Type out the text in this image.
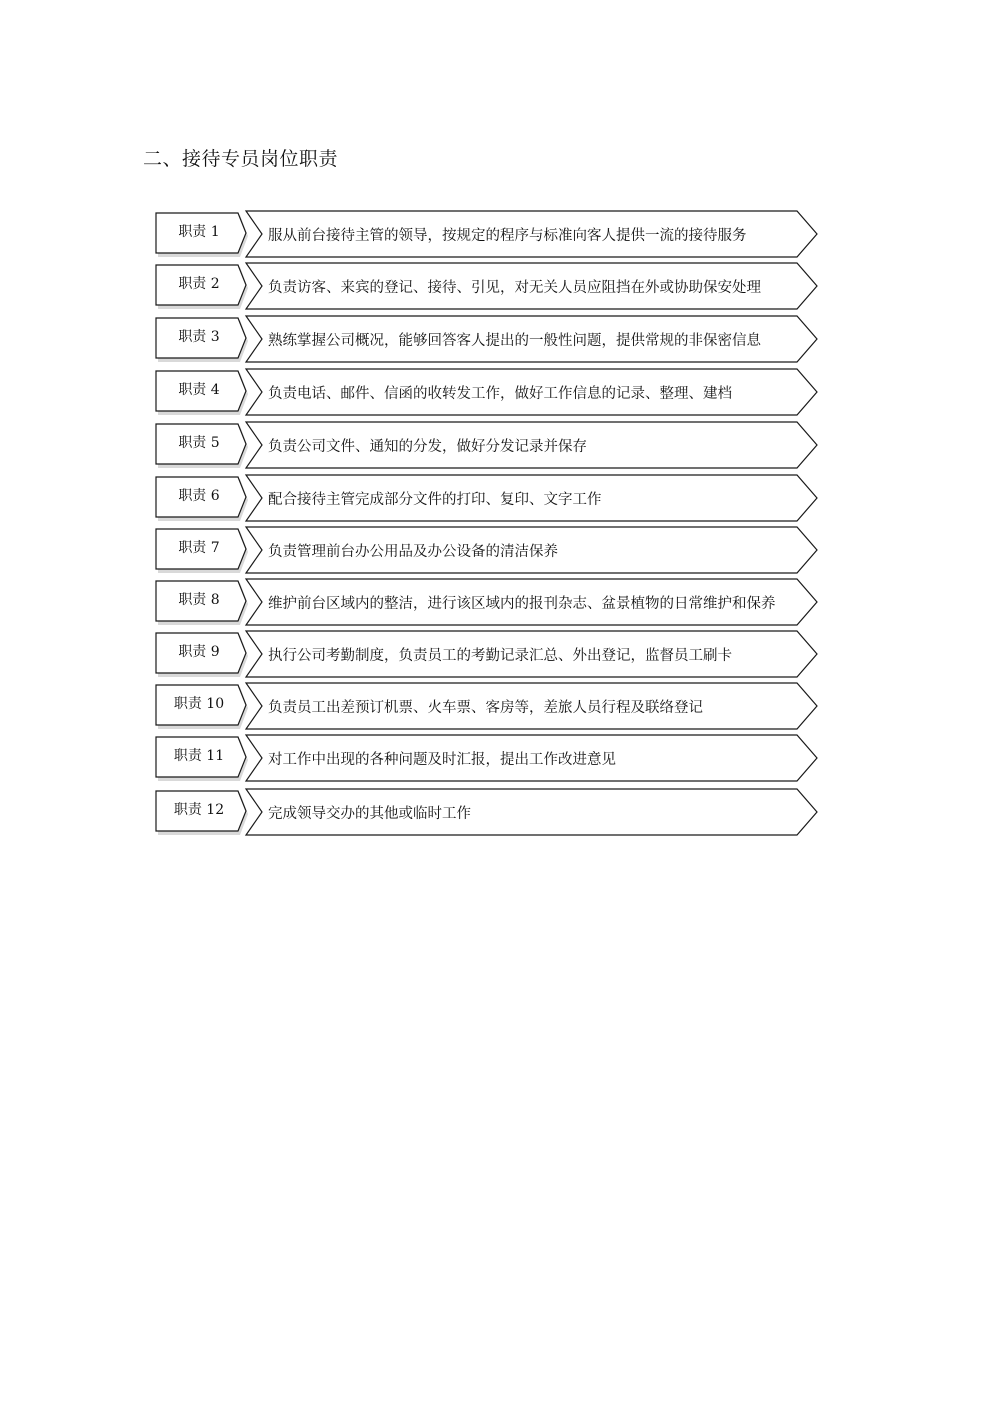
二、接待专员岗位职责
职责 1	服从前台接待主管的领导，按规定的程序与标准向客人提供一流的接待服务
职责 2	负责访客、来宾的登记、接待、引见，对无关人员应阻挡在外或协助保安处理
职责 3	熟练掌握公司概况，能够回答客人提出的一般性问题，提供常规的非保密信息
职责 4	负责电话、邮件、信函的收转发工作，做好工作信息的记录、整理、建档
职责 5	负责公司文件、通知的分发，做好分发记录并保存
职责 6	配合接待主管完成部分文件的打印、复印、文字工作
职责 7	负责管理前台办公用品及办公设备的清洁保养
职责 8	维护前台区域内的整洁，进行该区域内的报刊杂志、盆景植物的日常维护和保养
职责 9	执行公司考勤制度，负责员工的考勤记录汇总、外出登记，监督员工刷卡
职责 10	负责员工出差预订机票、火车票、客房等，差旅人员行程及联络登记
职责 11	对工作中出现的各种问题及时汇报，提出工作改进意见
职责 12	完成领导交办的其他或临时工作
